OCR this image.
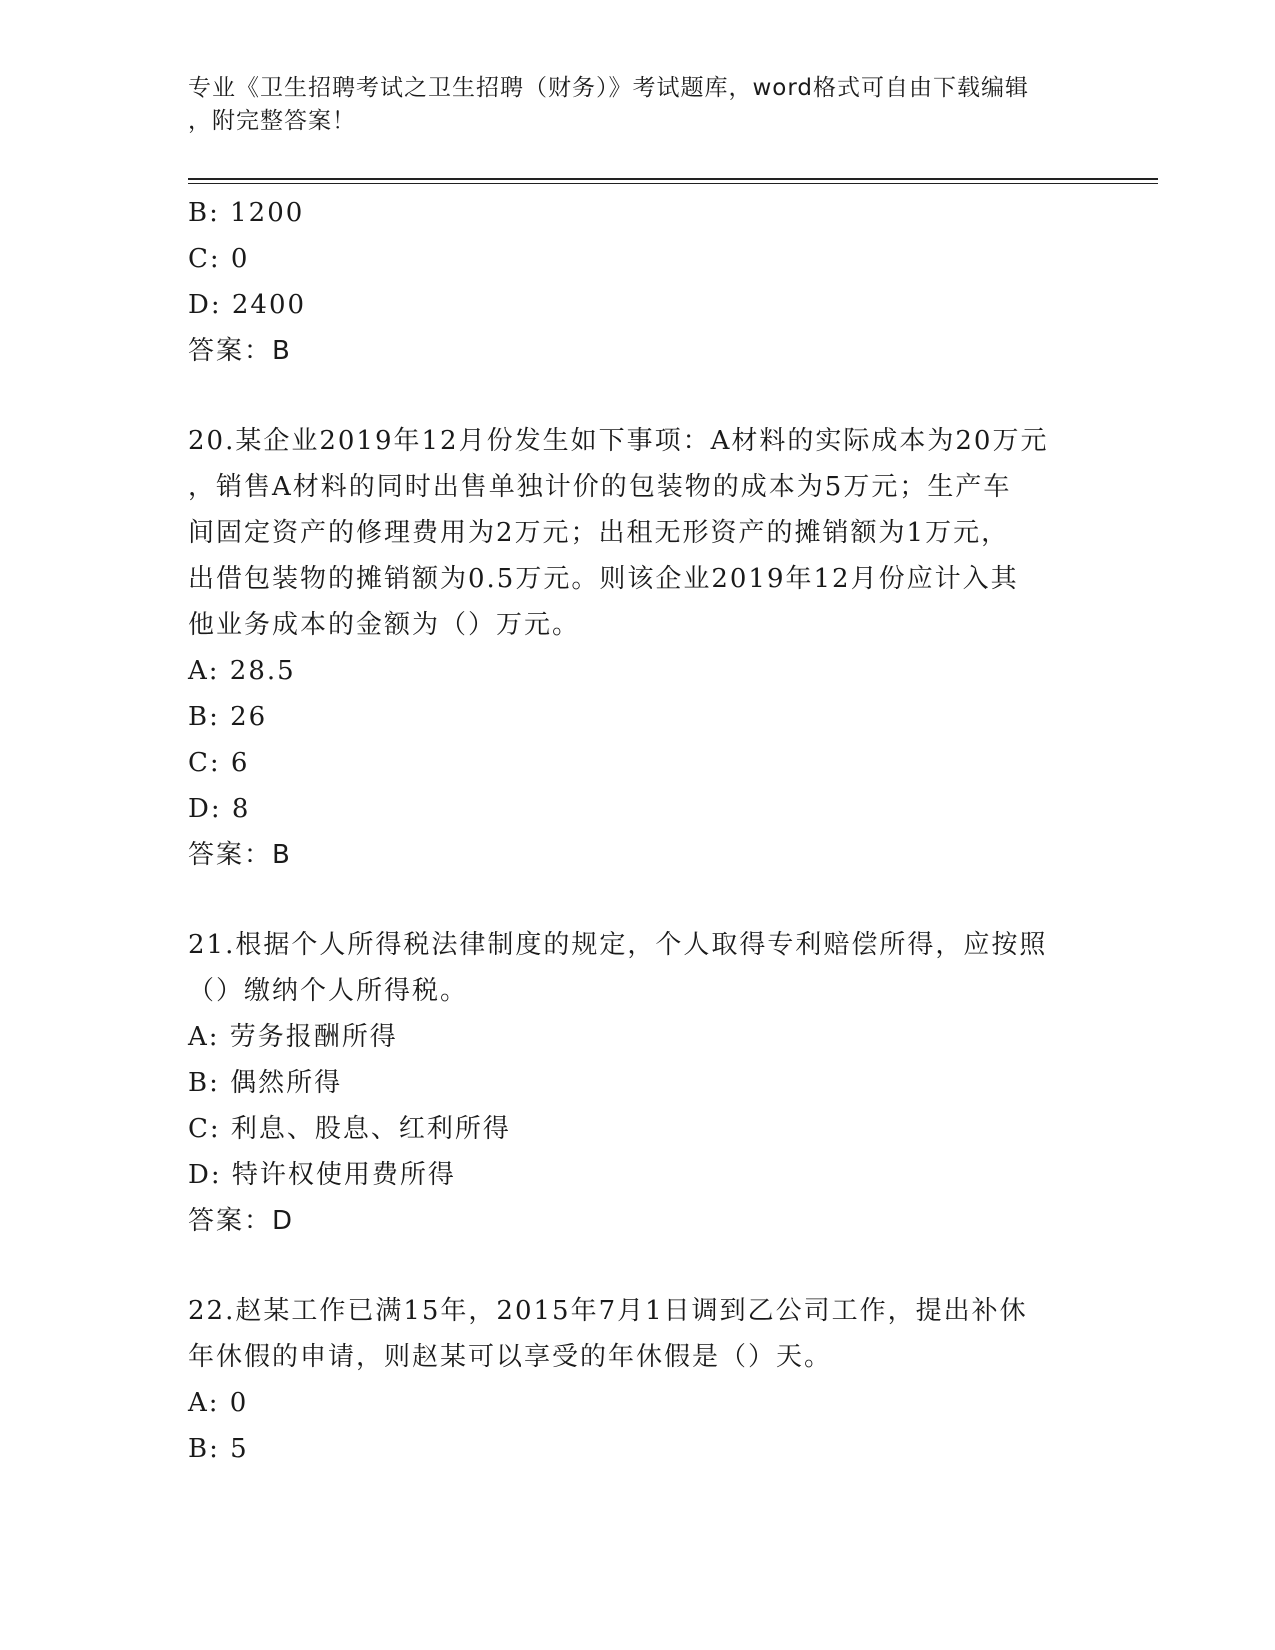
专业《卫生招聘考试之卫生招聘（财务）》考试题库，word格式可自由下载编辑
，附完整答案！
B: 1200
C: 0
D: 2400
答案：B
20.某企业2019年12月份发生如下事项：A材料的实际成本为20万元
，销售A材料的同时出售单独计价的包装物的成本为5万元；生产车
间固定资产的修理费用为2万元；出租无形资产的摊销额为1万元，
出借包装物的摊销额为0.5万元。则该企业2019年12月份应计入其
他业务成本的金额为（）万元。
A: 28.5
B: 26
C: 6
D: 8
答案：B
21.根据个人所得税法律制度的规定，个人取得专利赔偿所得，应按照
（）缴纳个人所得税。
A: 劳务报酬所得
B: 偶然所得
C: 利息、股息、红利所得
D: 特许权使用费所得
答案：D
22.赵某工作已满15年，2015年7月1日调到乙公司工作，提出补休
年休假的申请，则赵某可以享受的年休假是（）天。
A: 0
B: 5
